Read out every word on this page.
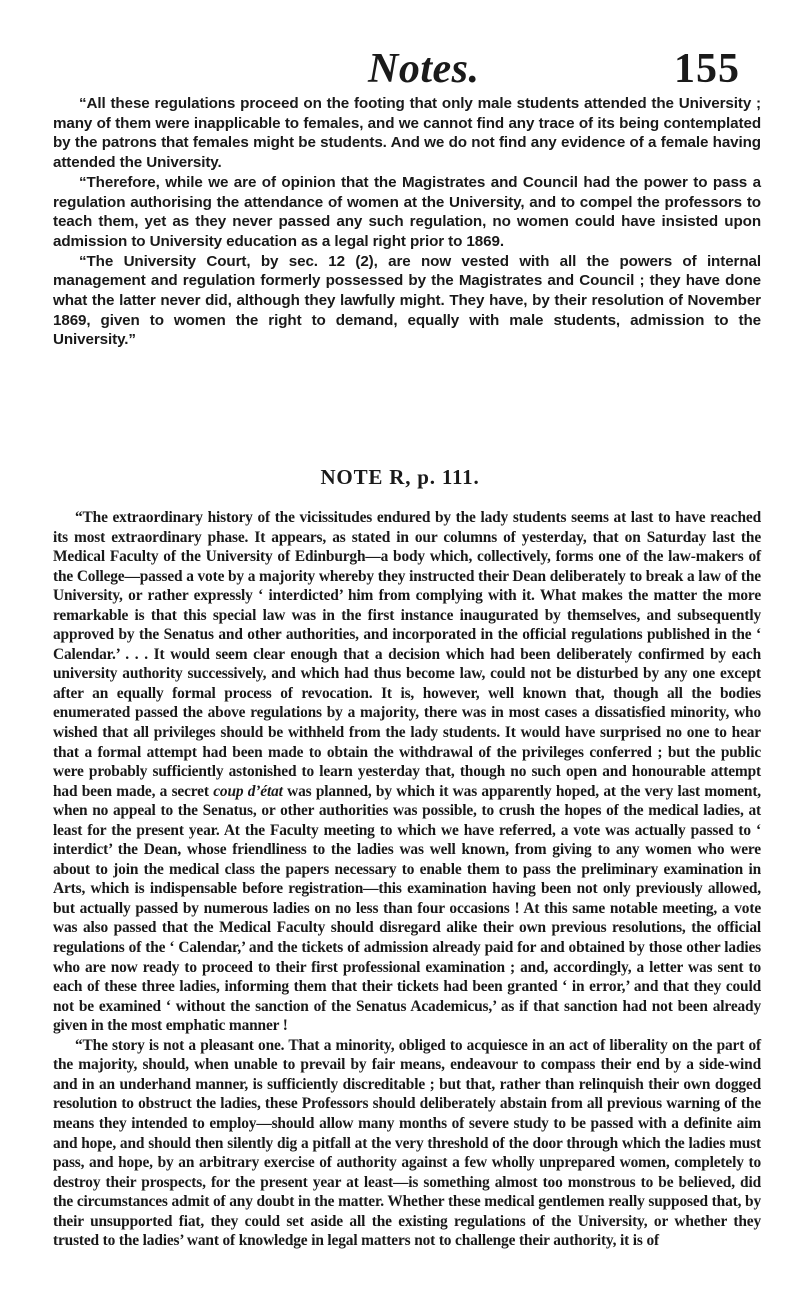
Notes.	155

“All these regulations proceed on the footing that only male students attended the University ; many of them were inapplicable to females, and we cannot find any trace of its being contemplated by the patrons that females might be students. And we do not find any evidence of a female having attended the University.

“Therefore, while we are of opinion that the Magistrates and Council had the power to pass a regulation authorising the attendance of women at the University, and to compel the professors to teach them, yet as they never passed any such regulation, no women could have insisted upon admission to University education as a legal right prior to 1869.

“The University Court, by sec. 12 (2), are now vested with all the powers of internal management and regulation formerly possessed by the Magistrates and Council ; they have done what the latter never did, although they lawfully might. They have, by their resolution of November 1869, given to women the right to demand, equally with male students, admission to the University.”

NOTE R, p. 111.

“The extraordinary history of the vicissitudes endured by the lady students seems at last to have reached its most extraordinary phase. It appears, as stated in our columns of yesterday, that on Saturday last the Medical Faculty of the University of Edinburgh—a body which, collectively, forms one of the law-makers of the College—passed a vote by a majority whereby they instructed their Dean deliberately to break a law of the University, or rather expressly ‘ interdicted’ him from complying with it. What makes the matter the more remarkable is that this special law was in the first instance inaugurated by themselves, and subsequently approved by the Senatus and other authorities, and incorporated in the official regulations published in the ‘ Calendar.’ . . . It would seem clear enough that a decision which had been deliberately confirmed by each university authority successively, and which had thus become law, could not be disturbed by any one except after an equally formal process of revocation. It is, however, well known that, though all the bodies enumerated passed the above regulations by a majority, there was in most cases a dissatisfied minority, who wished that all privileges should be withheld from the lady students. It would have surprised no one to hear that a formal attempt had been made to obtain the withdrawal of the privileges conferred ; but the public were probably sufficiently astonished to learn yesterday that, though no such open and honourable attempt had been made, a secret coup d’état was planned, by which it was apparently hoped, at the very last moment, when no appeal to the Senatus, or other authorities was possible, to crush the hopes of the medical ladies, at least for the present year. At the Faculty meeting to which we have referred, a vote was actually passed to ‘ interdict’ the Dean, whose friendliness to the ladies was well known, from giving to any women who were about to join the medical class the papers necessary to enable them to pass the preliminary examination in Arts, which is indispensable before registration—this examination having been not only previously allowed, but actually passed by numerous ladies on no less than four occasions ! At this same notable meeting, a vote was also passed that the Medical Faculty should disregard alike their own previous resolutions, the official regulations of the ‘ Calendar,’ and the tickets of admission already paid for and obtained by those other ladies who are now ready to proceed to their first professional examination ; and, accordingly, a letter was sent to each of these three ladies, informing them that their tickets had been granted ‘ in error,’ and that they could not be examined ‘ without the sanction of the Senatus Academicus,’ as if that sanction had not been already given in the most emphatic manner !

“The story is not a pleasant one. That a minority, obliged to acquiesce in an act of liberality on the part of the majority, should, when unable to prevail by fair means, endeavour to compass their end by a side-wind and in an underhand manner, is sufficiently discreditable ; but that, rather than relinquish their own dogged resolution to obstruct the ladies, these Professors should deliberately abstain from all previous warning of the means they intended to employ—should allow many months of severe study to be passed with a definite aim and hope, and should then silently dig a pitfall at the very threshold of the door through which the ladies must pass, and hope, by an arbitrary exercise of authority against a few wholly unprepared women, completely to destroy their prospects, for the present year at least—is something almost too monstrous to be believed, did the circumstances admit of any doubt in the matter. Whether these medical gentlemen really supposed that, by their unsupported fiat, they could set aside all the existing regulations of the University, or whether they trusted to the ladies’ want of knowledge in legal matters not to challenge their authority, it is of
